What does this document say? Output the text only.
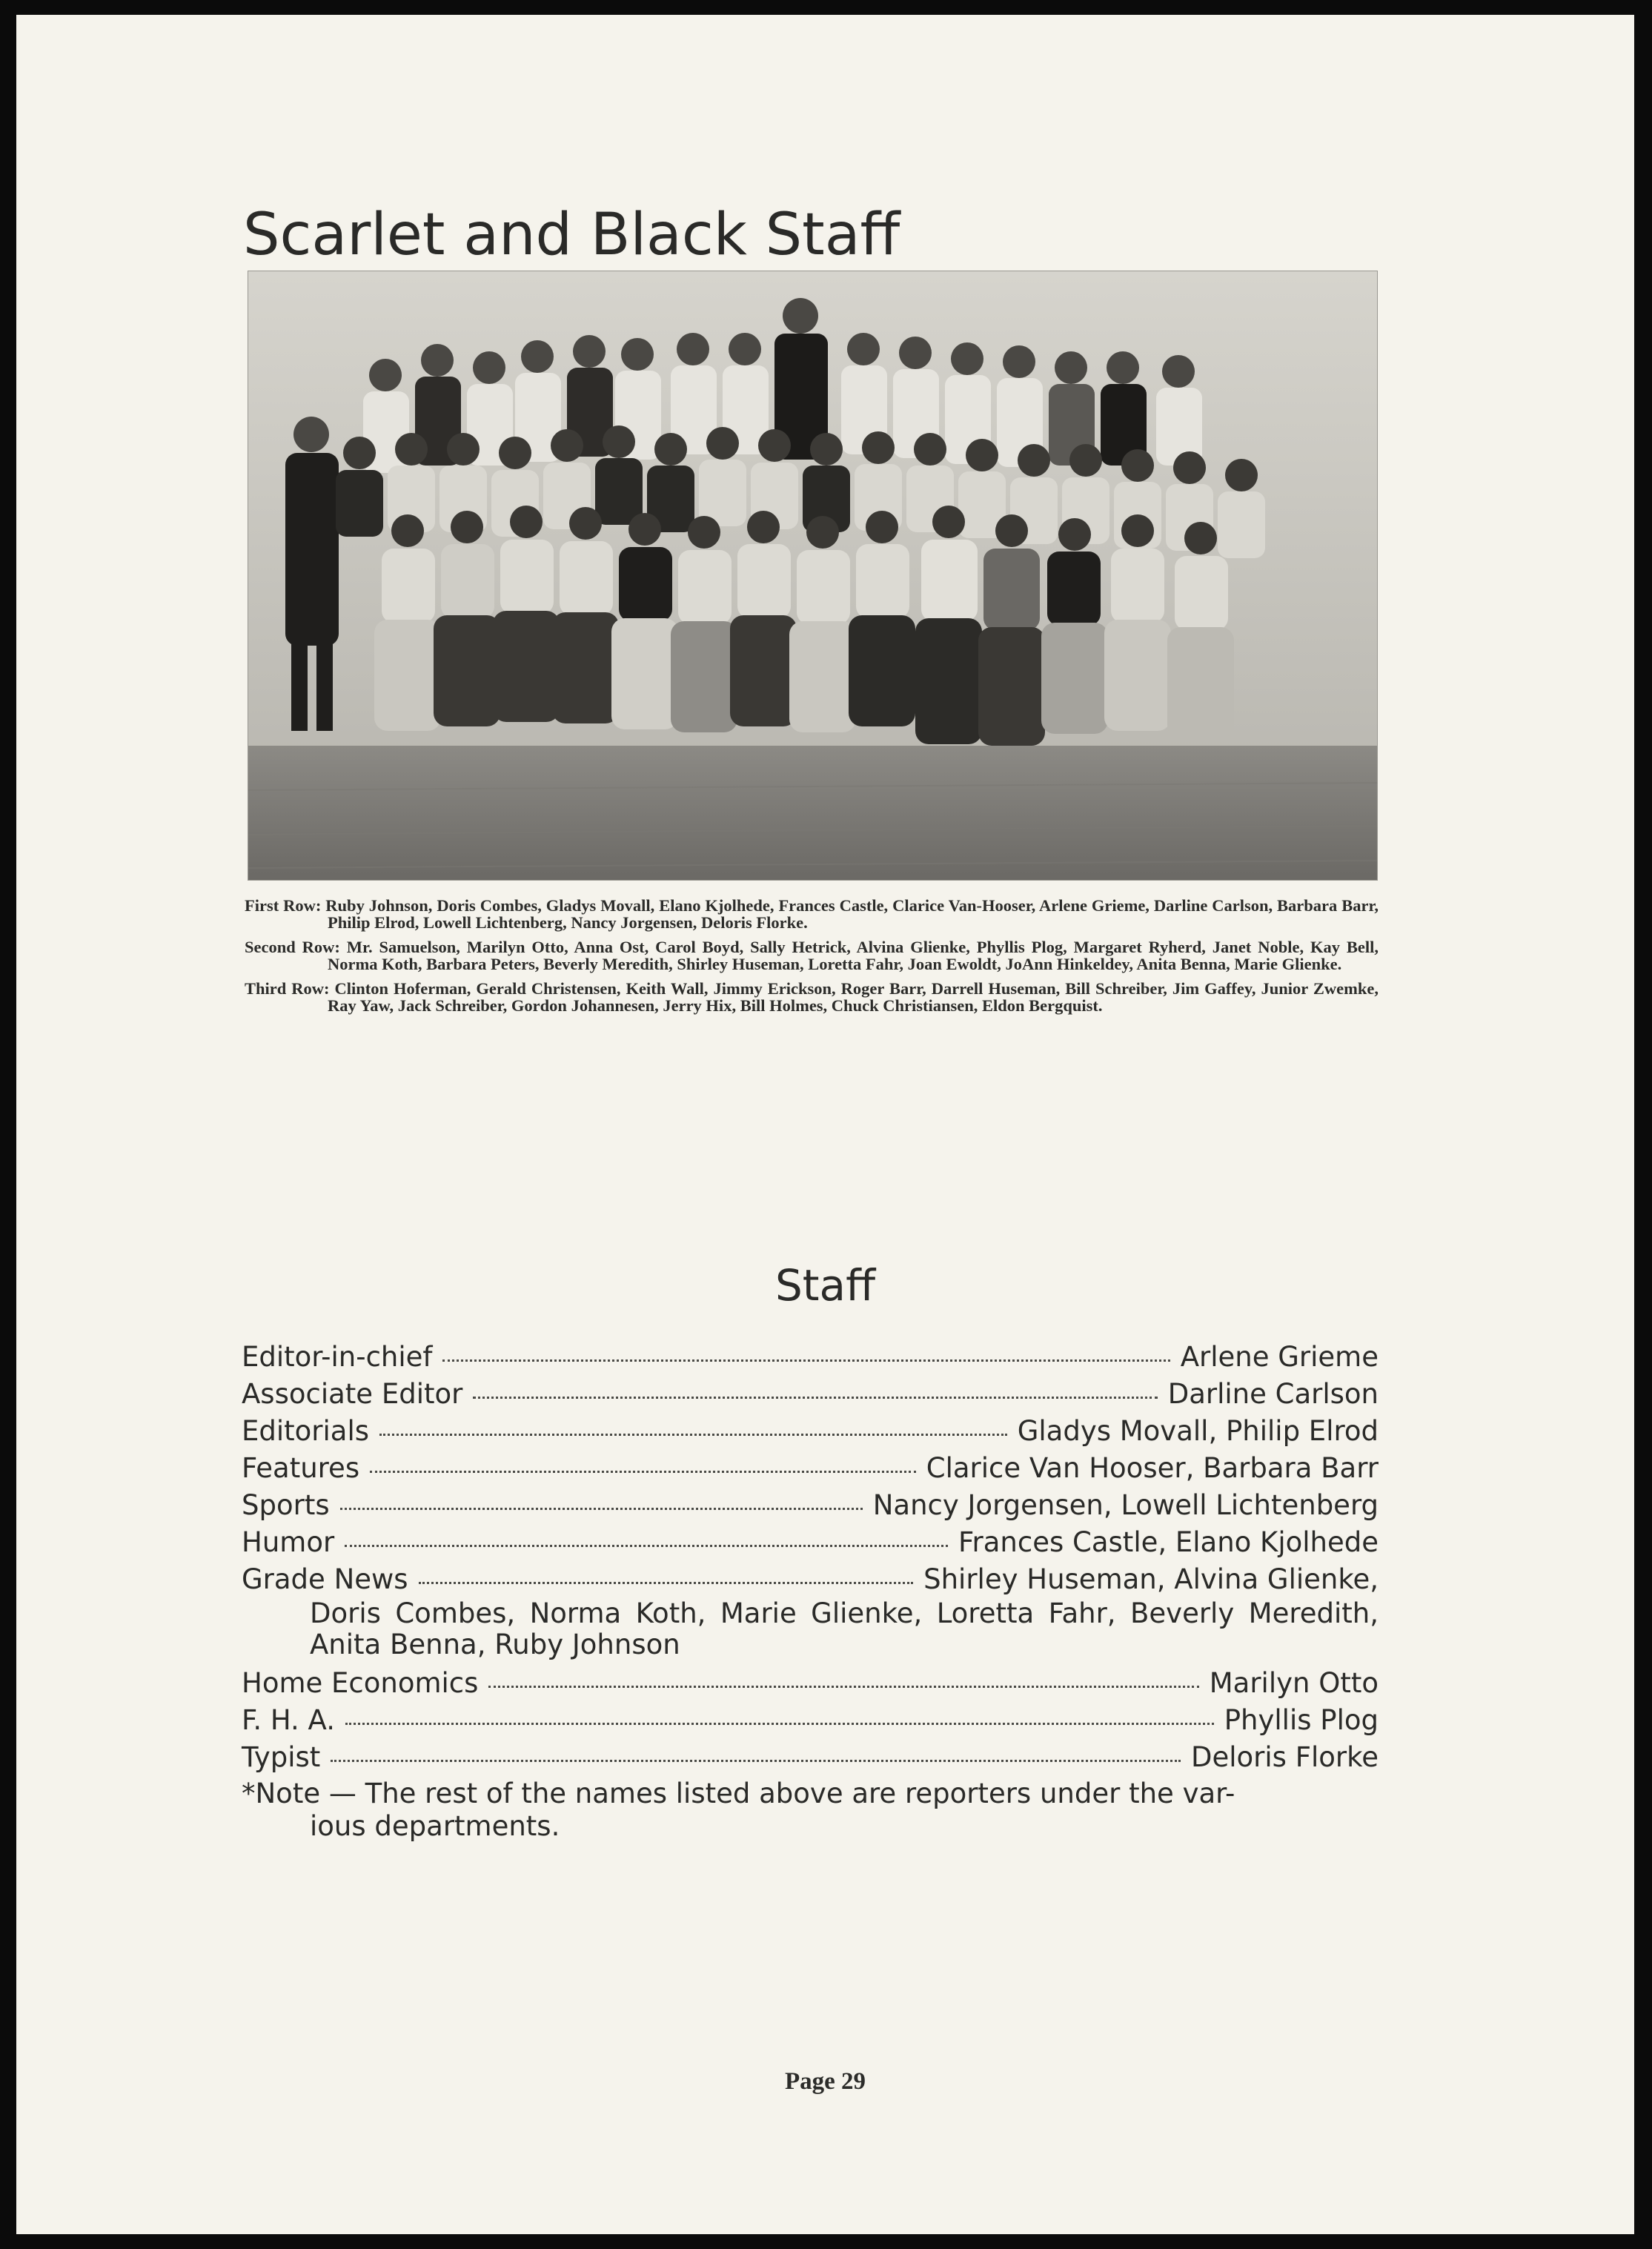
Scarlet and Black Staff

First Row: Ruby Johnson, Doris Combes, Gladys Movall, Elano Kjolhede, Frances Castle, Clarice Van-Hooser, Arlene Grieme, Darline Carlson, Barbara Barr, Philip Elrod, Lowell Lichtenberg, Nancy Jorgensen, Deloris Florke.

Second Row: Mr. Samuelson, Marilyn Otto, Anna Ost, Carol Boyd, Sally Hetrick, Alvina Glienke, Phyllis Plog, Margaret Ryherd, Janet Noble, Kay Bell, Norma Koth, Barbara Peters, Beverly Meredith, Shirley Huseman, Loretta Fahr, Joan Ewoldt, JoAnn Hinkeldey, Anita Benna, Marie Glienke.

Third Row: Clinton Hoferman, Gerald Christensen, Keith Wall, Jimmy Erickson, Roger Barr, Darrell Huseman, Bill Schreiber, Jim Gaffey, Junior Zwemke, Ray Yaw, Jack Schreiber, Gordon Johannesen, Jerry Hix, Bill Holmes, Chuck Christiansen, Eldon Bergquist.

Staff
Editor-in-chief	Arlene Grieme
Associate Editor	Darline Carlson
Editorials	Gladys Movall, Philip Elrod
Features	Clarice Van Hooser, Barbara Barr
Sports	Nancy Jorgensen, Lowell Lichtenberg
Humor	Frances Castle, Elano Kjolhede
Grade News	Shirley Huseman, Alvina Glienke,
Doris Combes, Norma Koth, Marie Glienke, Loretta Fahr, Beverly Meredith, Anita Benna, Ruby Johnson
Home Economics	Marilyn Otto
F. H. A.	Phyllis Plog
Typist	Deloris Florke
*Note — The rest of the names listed above are reporters under the var-
ious departments.
Page 29
